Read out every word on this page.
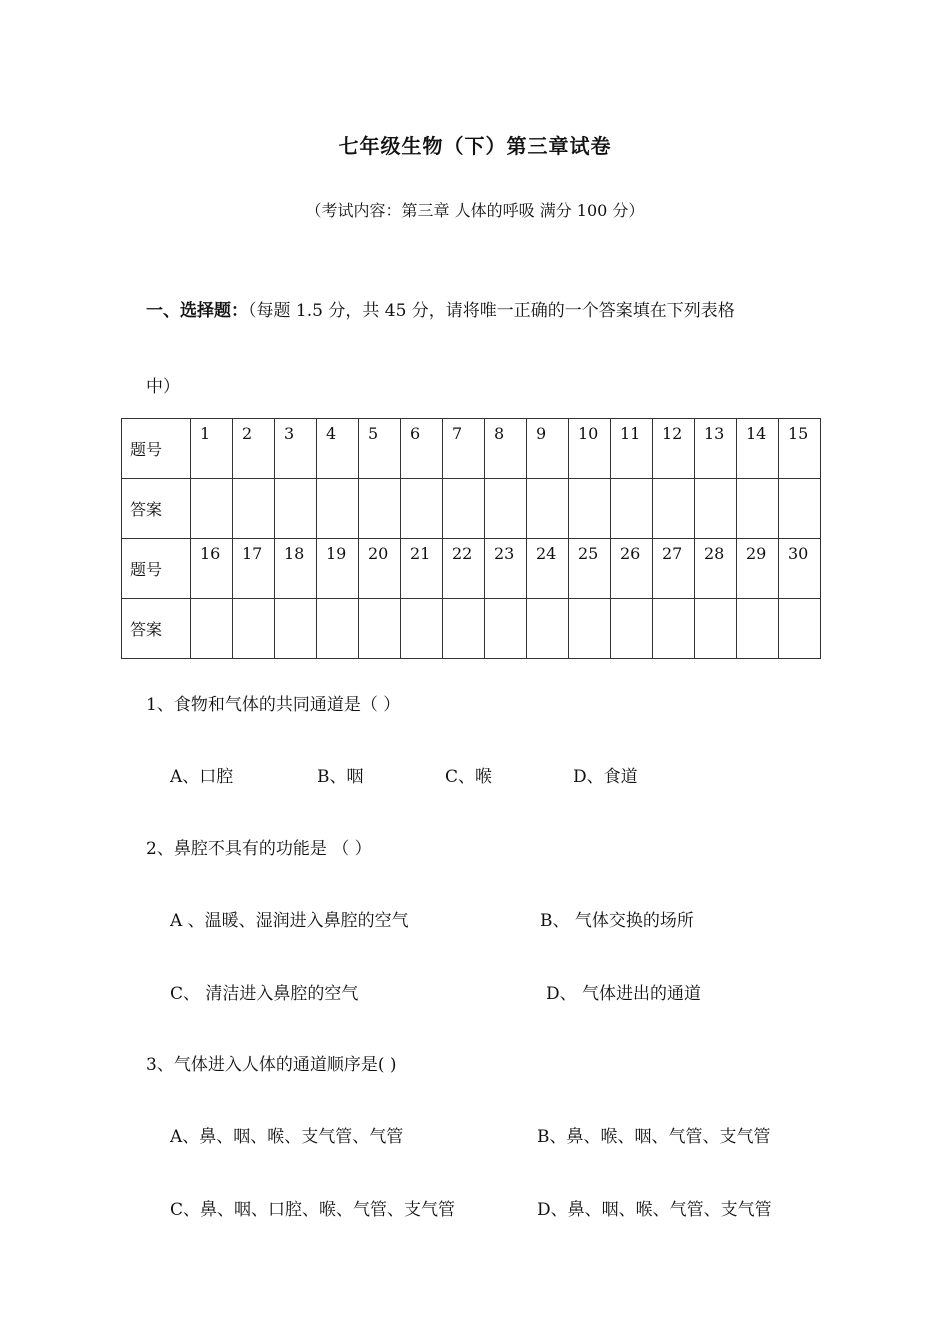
七年级生物（下）第三章试卷
（考试内容：第三章 人体的呼吸 满分 100 分）
一、选择题：（每题 1.5 分，共 45 分，请将唯一正确的一个答案填在下列表格
中）
题号	1	2	3	4	5	6	7	8	9	10	11	12	13	14	15
答案															
题号	16	17	18	19	20	21	22	23	24	25	26	27	28	29	30
答案															
1、食物和气体的共同通道是（ ）
A、口腔	B、咽	C、喉	D、食道
2、鼻腔不具有的功能是 （ ）
A 、温暖、湿润进入鼻腔的空气	B、 气体交换的场所
C、 清洁进入鼻腔的空气	D、 气体进出的通道
3、气体进入人体的通道顺序是( )
A、鼻、咽、喉、支气管、气管	B、鼻、喉、咽、气管、支气管
C、鼻、咽、口腔、喉、气管、支气管	D、鼻、咽、喉、气管、支气管
